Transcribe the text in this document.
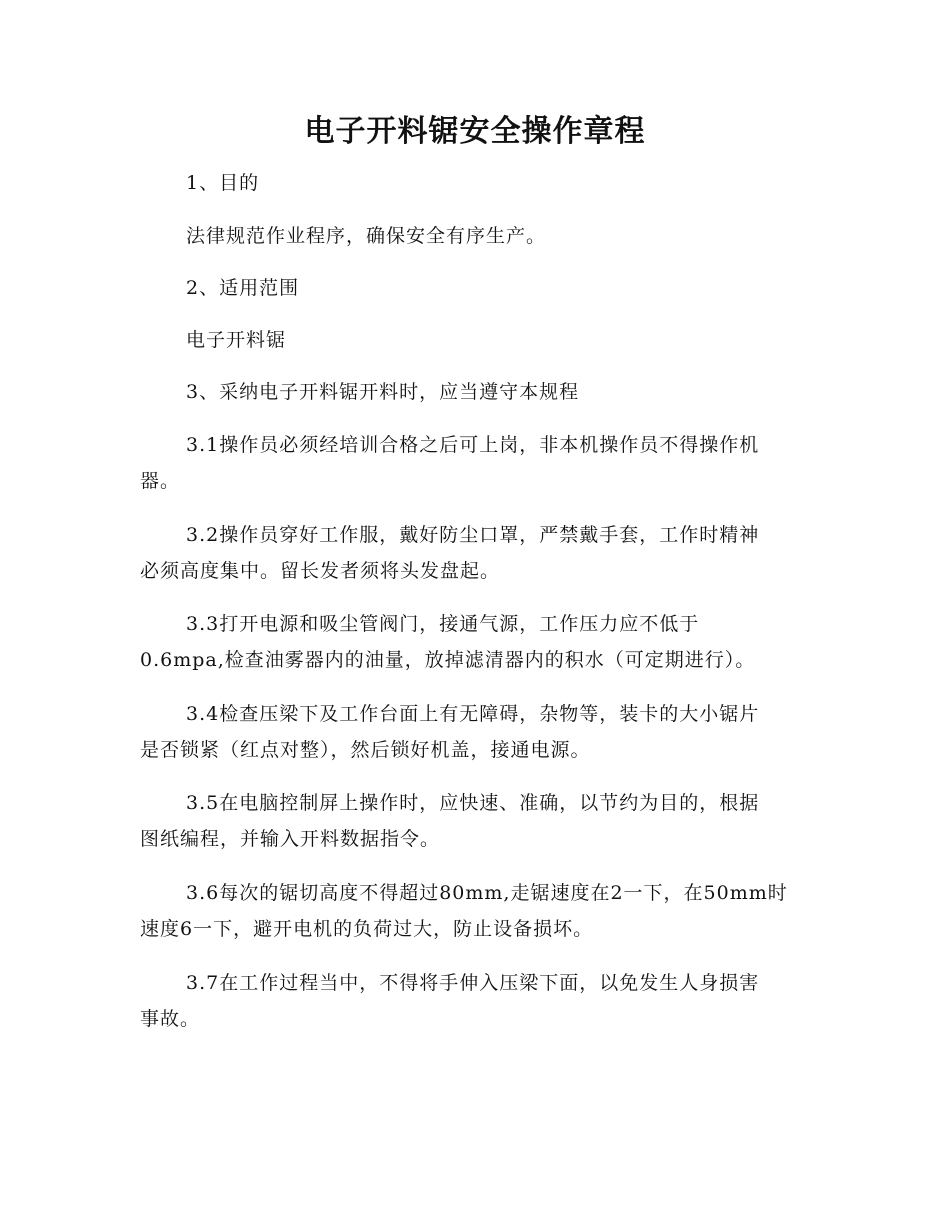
电子开料锯安全操作章程

1、目的

法律规范作业程序，确保安全有序生产。

2、适用范围

电子开料锯

3、采纳电子开料锯开料时，应当遵守本规程

3.1操作员必须经培训合格之后可上岗，非本机操作员不得操作机
器。

3.2操作员穿好工作服，戴好防尘口罩，严禁戴手套，工作时精神
必须高度集中。留长发者须将头发盘起。

3.3打开电源和吸尘管阀门，接通气源，工作压力应不低于
0.6mpa,检查油雾器内的油量，放掉滤清器内的积水（可定期进行）。

3.4检查压梁下及工作台面上有无障碍，杂物等，装卡的大小锯片
是否锁紧（红点对整），然后锁好机盖，接通电源。

3.5在电脑控制屏上操作时，应快速、准确，以节约为目的，根据
图纸编程，并输入开料数据指令。

3.6每次的锯切高度不得超过80mm,走锯速度在2一下，在50mm时
速度6一下，避开电机的负荷过大，防止设备损坏。

3.7在工作过程当中，不得将手伸入压梁下面，以免发生人身损害
事故。
